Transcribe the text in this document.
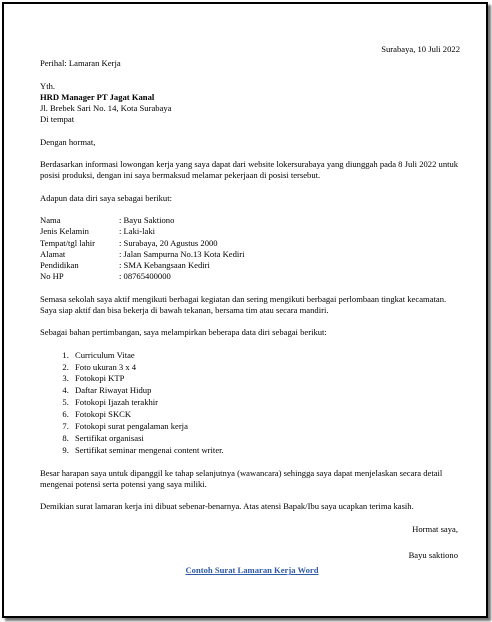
Surabaya, 10 Juli 2022
Perihal: Lamaran Kerja
Yth.
HRD Manager PT Jagat Kanal
Jl. Brebek Sari No. 14, Kota Surabaya
Di tempat
Dengan hormat,
Berdasarkan informasi lowongan kerja yang saya dapat dari website lokersurabaya yang diunggah pada 8 Juli 2022 untuk posisi produksi, dengan ini saya bermaksud melamar pekerjaan di posisi tersebut.
Adapun data diri saya sebagai berikut:
Nama	: Bayu Saktiono
Jenis Kelamin	: Laki-laki
Tempat/tgl lahir	: Surabaya, 20 Agustus 2000
Alamat	: Jalan Sampurna No.13 Kota Kediri
Pendidikan	: SMA Kebangsaan Kediri
No HP	: 08765400000
Semasa sekolah saya aktif mengikuti berbagai kegiatan dan sering mengikuti berbagai perlombaan tingkat kecamatan. Saya siap aktif dan bisa bekerja di bawah tekanan, bersama tim atau secara mandiri.
Sebagai bahan pertimbangan, saya melampirkan beberapa data diri sebagai berikut:
1. Curriculum Vitae
2. Foto ukuran 3 x 4
3. Fotokopi KTP
4. Daftar Riwayat Hidup
5. Fotokopi Ijazah terakhir
6. Fotokopi SKCK
7. Fotokopi surat pengalaman kerja
8. Sertifikat organisasi
9. Sertifikat seminar mengenai content writer.
Besar harapan saya untuk dipanggil ke tahap selanjutnya (wawancara) sehingga saya dapat menjelaskan secara detail mengenai potensi serta potensi yang saya miliki.
Demikian surat lamaran kerja ini dibuat sebenar-benarnya. Atas atensi Bapak/Ibu saya ucapkan terima kasih.
Hormat saya,
Bayu saktiono
Contoh Surat Lamaran Kerja Word
